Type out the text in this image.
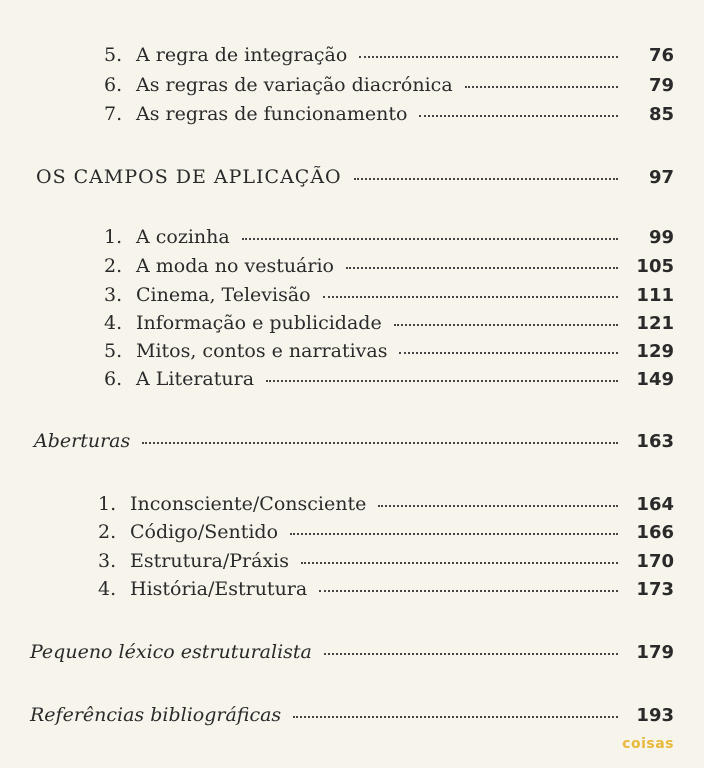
5. A regra de integração	76
6. As regras de variação diacrónica	79
7. As regras de funcionamento	85
OS CAMPOS DE APLICAÇÃO	97
1. A cozinha	99
2. A moda no vestuário	105
3. Cinema, Televisão	111
4. Informação e publicidade	121
5. Mitos, contos e narrativas	129
6. A Literatura	149
Aberturas	163
1. Inconsciente/Consciente	164
2. Código/Sentido	166
3. Estrutura/Práxis	170
4. História/Estrutura	173
Pequeno léxico estruturalista	179
Referências bibliográficas	193
coisas
